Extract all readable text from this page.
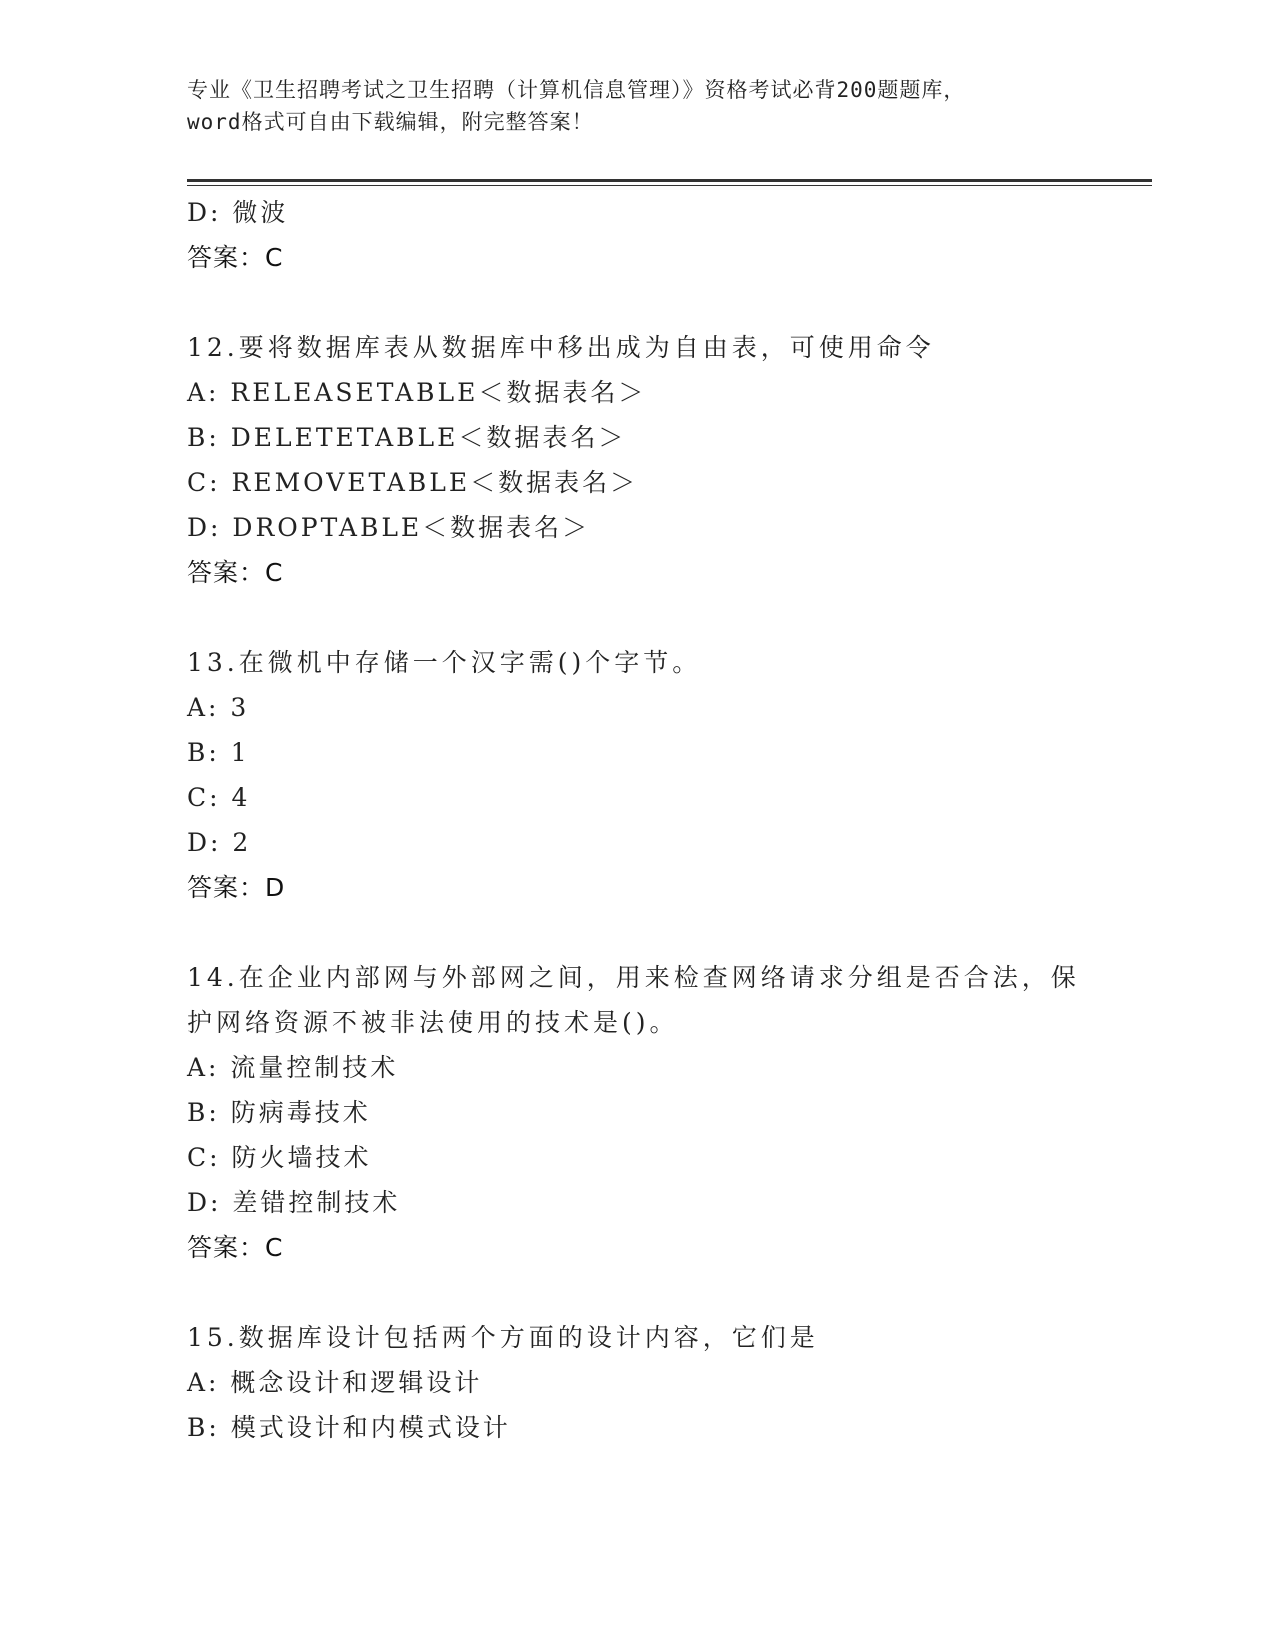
专业《卫生招聘考试之卫生招聘（计算机信息管理）》资格考试必背200题题库，
word格式可自由下载编辑，附完整答案！
D: 微波
答案：C
12.要将数据库表从数据库中移出成为自由表，可使用命令
A: RELEASETABLE＜数据表名＞
B: DELETETABLE＜数据表名＞
C: REMOVETABLE＜数据表名＞
D: DROPTABLE＜数据表名＞
答案：C
13.在微机中存储一个汉字需()个字节。
A: 3
B: 1
C: 4
D: 2
答案：D
14.在企业内部网与外部网之间，用来检查网络请求分组是否合法，保
护网络资源不被非法使用的技术是()。
A: 流量控制技术
B: 防病毒技术
C: 防火墙技术
D: 差错控制技术
答案：C
15.数据库设计包括两个方面的设计内容，它们是
A: 概念设计和逻辑设计
B: 模式设计和内模式设计
